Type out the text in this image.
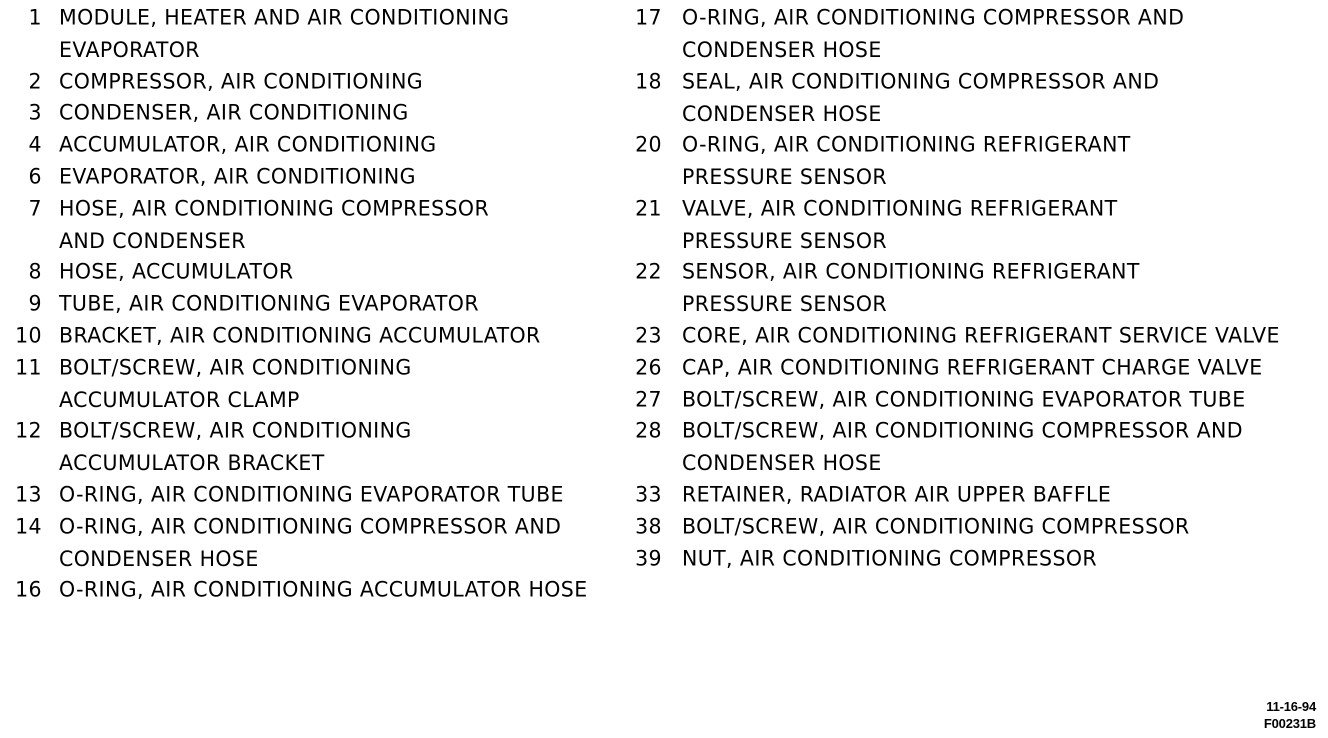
1 MODULE, HEATER AND AIR CONDITIONING
EVAPORATOR
2 COMPRESSOR, AIR CONDITIONING
3 CONDENSER, AIR CONDITIONING
4 ACCUMULATOR, AIR CONDITIONING
6 EVAPORATOR, AIR CONDITIONING
7 HOSE, AIR CONDITIONING COMPRESSOR
AND CONDENSER
8 HOSE, ACCUMULATOR
9 TUBE, AIR CONDITIONING EVAPORATOR
10 BRACKET, AIR CONDITIONING ACCUMULATOR
11 BOLT/SCREW, AIR CONDITIONING
ACCUMULATOR CLAMP
12 BOLT/SCREW, AIR CONDITIONING
ACCUMULATOR BRACKET
13 O-RING, AIR CONDITIONING EVAPORATOR TUBE
14 O-RING, AIR CONDITIONING COMPRESSOR AND
CONDENSER HOSE
16 O-RING, AIR CONDITIONING ACCUMULATOR HOSE
17 O-RING, AIR CONDITIONING COMPRESSOR AND
CONDENSER HOSE
18 SEAL, AIR CONDITIONING COMPRESSOR AND
CONDENSER HOSE
20 O-RING, AIR CONDITIONING REFRIGERANT
PRESSURE SENSOR
21 VALVE, AIR CONDITIONING REFRIGERANT
PRESSURE SENSOR
22 SENSOR, AIR CONDITIONING REFRIGERANT
PRESSURE SENSOR
23 CORE, AIR CONDITIONING REFRIGERANT SERVICE VALVE
26 CAP, AIR CONDITIONING REFRIGERANT CHARGE VALVE
27 BOLT/SCREW, AIR CONDITIONING EVAPORATOR TUBE
28 BOLT/SCREW, AIR CONDITIONING COMPRESSOR AND
CONDENSER HOSE
33 RETAINER, RADIATOR AIR UPPER BAFFLE
38 BOLT/SCREW, AIR CONDITIONING COMPRESSOR
39 NUT, AIR CONDITIONING COMPRESSOR
11-16-94
F00231B
